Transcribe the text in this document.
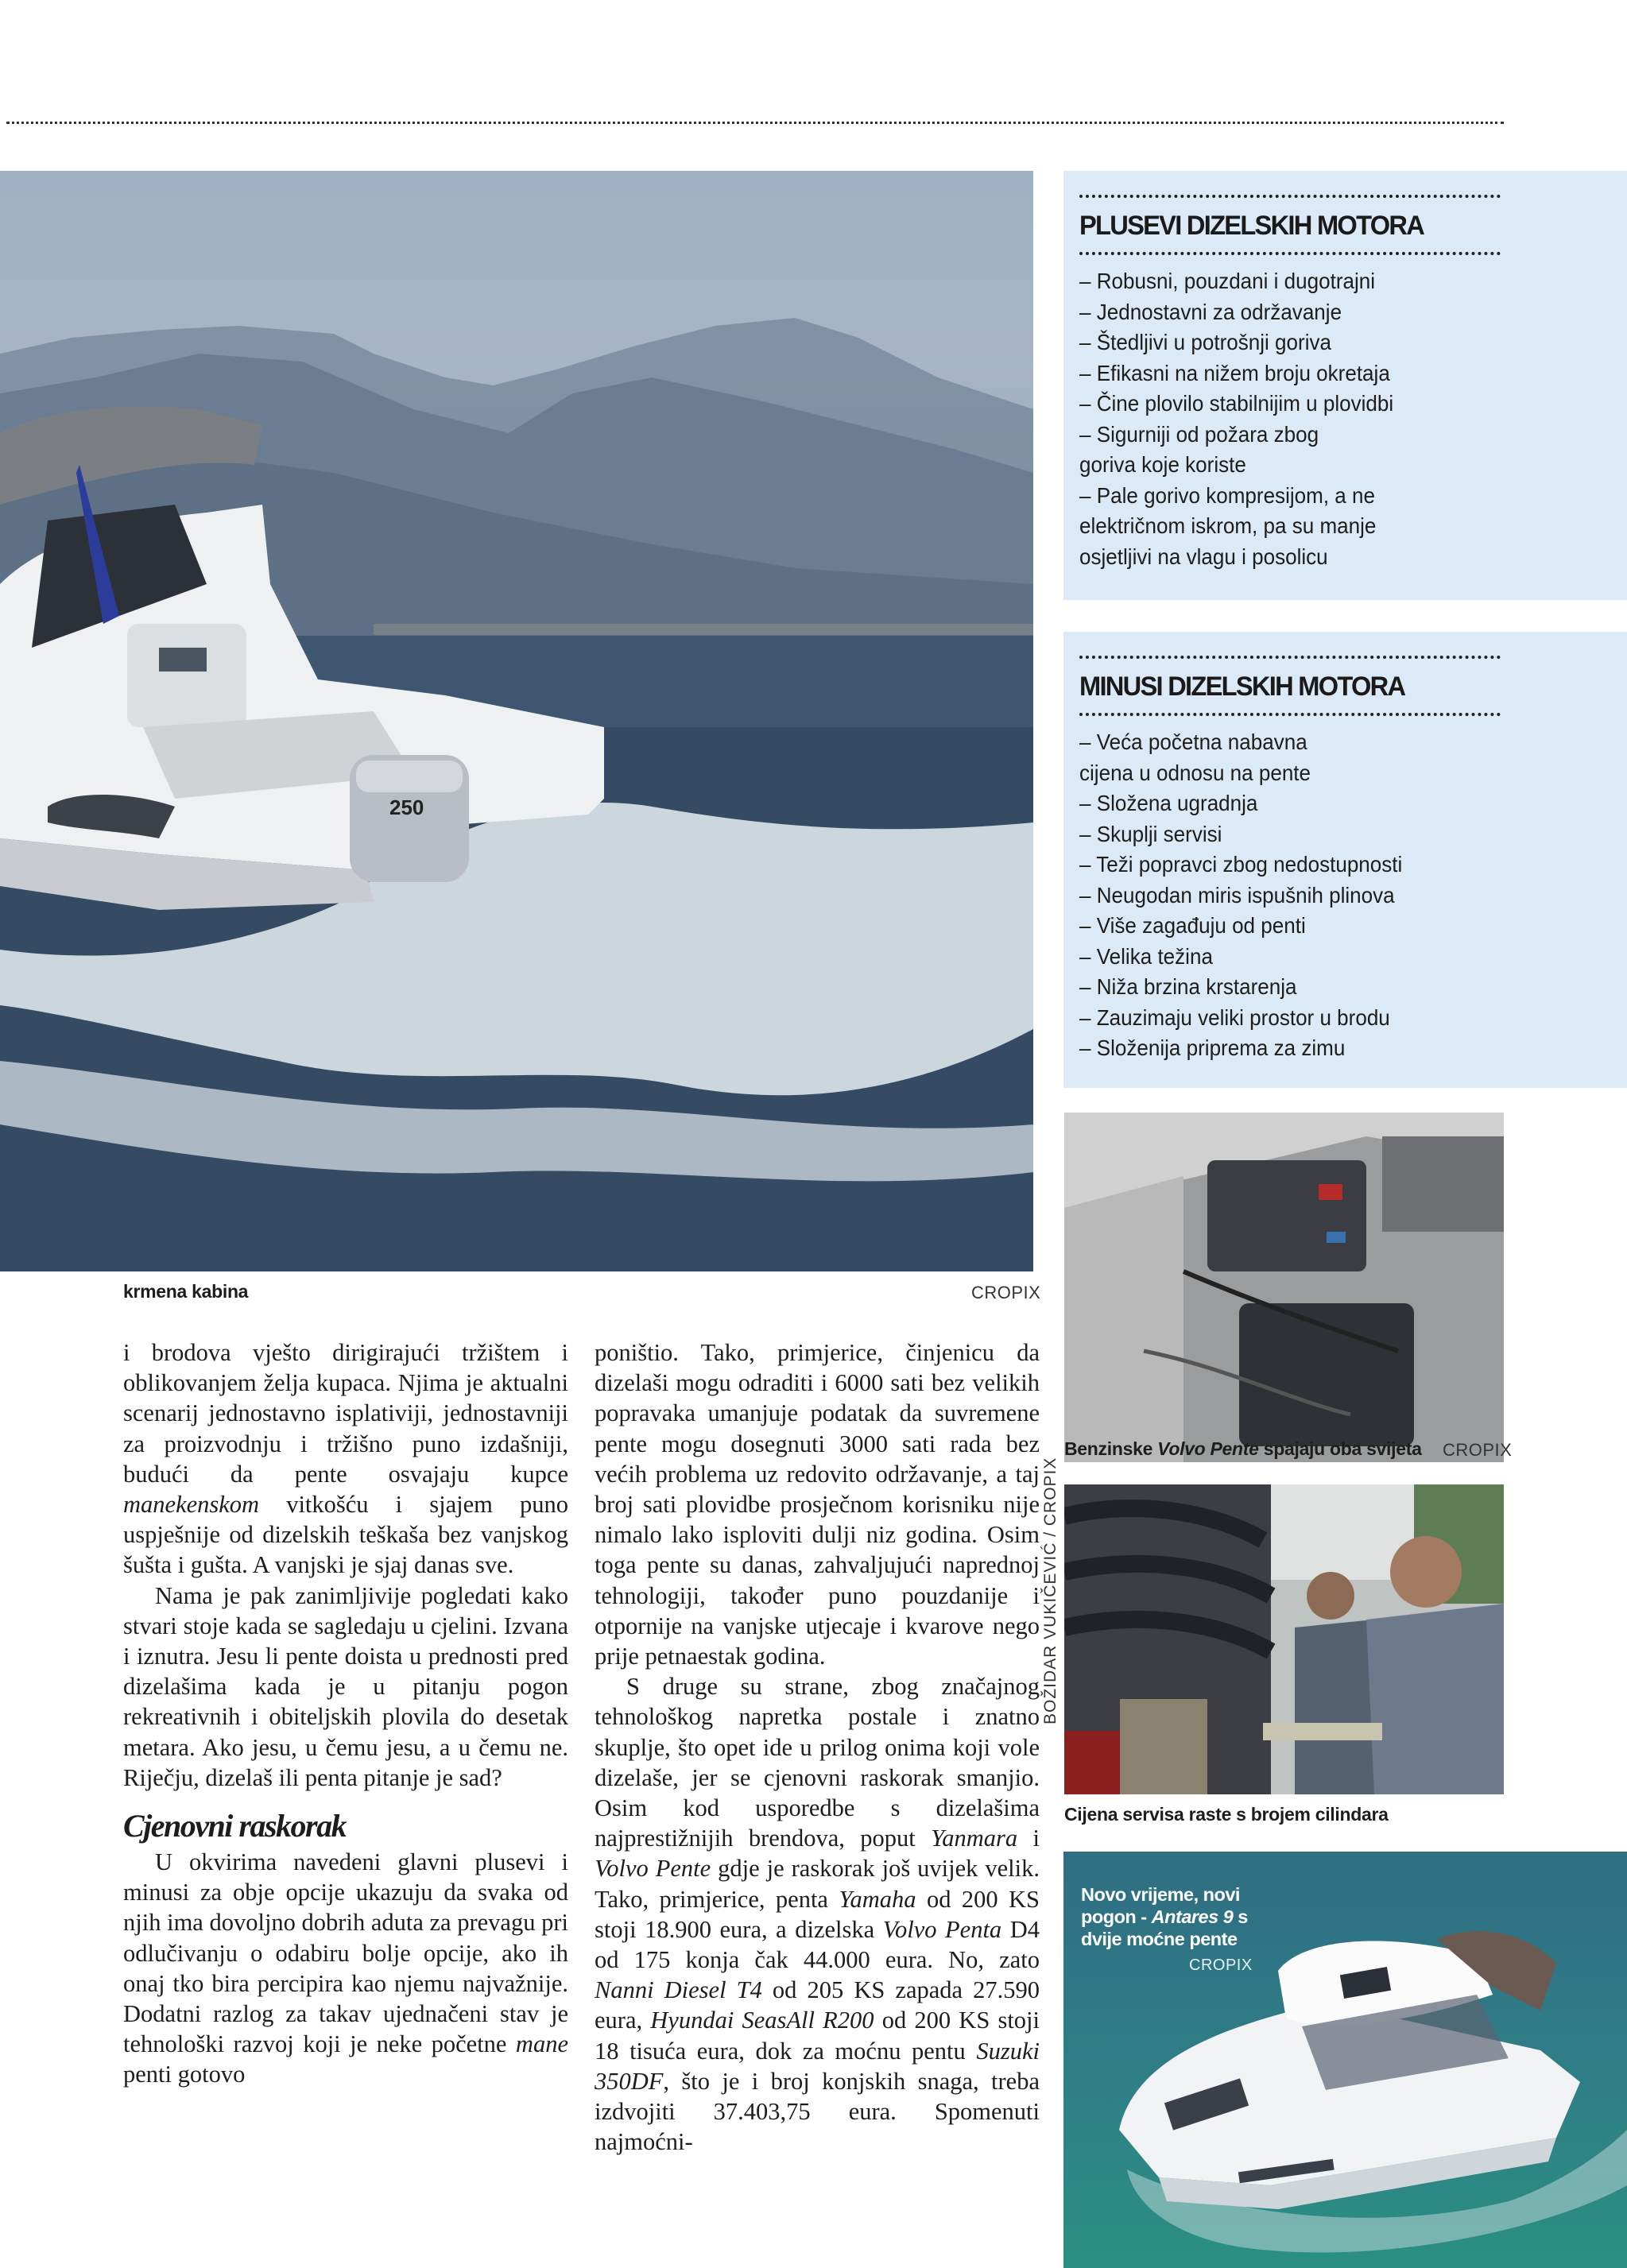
250
krmena kabina	CROPIX

i brodova vješto dirigirajući tržištem i oblikovanjem želja kupaca. Njima je aktualni scenarij jednostavno isplativiji, jednostavniji za proizvodnju i tržišno puno izdašniji, budući da pente osvajaju kupce manekenskom vitkošću i sjajem puno uspješnije od dizelskih teškaša bez vanjskog šušta i gušta. A vanjski je sjaj danas sve.

Nama je pak zanimljivije pogledati kako stvari stoje kada se sagledaju u cjelini. Izvana i iznutra. Jesu li pente doista u prednosti pred dizelašima kada je u pitanju pogon rekreativnih i obiteljskih plovila do desetak metara. Ako jesu, u čemu jesu, a u čemu ne. Riječju, dizelaš ili penta pitanje je sad?

Cjenovni raskorak

U okvirima navedeni glavni plusevi i minusi za obje opcije ukazuju da svaka od njih ima dovoljno dobrih aduta za prevagu pri odlučivanju o odabiru bolje opcije, ako ih onaj tko bira percipira kao njemu najvažnije. Dodatni razlog za takav ujednačeni stav je tehnološki razvoj koji je neke početne mane penti gotovo

poništio. Tako, primjerice, činjenicu da dizelaši mogu odraditi i 6000 sati bez velikih popravaka umanjuje podatak da suvremene pente mogu dosegnuti 3000 sati rada bez većih problema uz redovito održavanje, a taj broj sati plovidbe prosječnom korisniku nije nimalo lako isploviti dulji niz godina. Osim toga pente su danas, zahvaljujući naprednoj tehnologiji, također puno pouzdanije i otpornije na vanjske utjecaje i kvarove nego prije petnaestak godina.

S druge su strane, zbog značajnog tehnološkog napretka postale i znatno skuplje, što opet ide u prilog onima koji vole dizelaše, jer se cjenovni raskorak smanjio. Osim kod usporedbe s dizelašima najprestižnijih brendova, poput Yanmara i Volvo Pente gdje je raskorak još uvijek velik. Tako, primjerice, penta Yamaha od 200 KS stoji 18.900 eura, a dizelska Volvo Penta D4 od 175 konja čak 44.000 eura. No, zato Nanni Diesel T4 od 205 KS zapada 27.590 eura, Hyundai SeasAll R200 od 200 KS stoji 18 tisuća eura, dok za moćnu pentu Suzuki 350DF, što je i broj konjskih snaga, treba izdvojiti 37.403,75 eura. Spomenuti najmoćni-

PLUSEVI DIZELSKIH MOTORA
– Robusni, pouzdani i dugotrajni
– Jednostavni za održavanje
– Štedljivi u potrošnji goriva
– Efikasni na nižem broju okretaja
– Čine plovilo stabilnijim u plovidbi
– Sigurniji od požara zbog
goriva koje koriste
– Pale gorivo kompresijom, a ne
električnom iskrom, pa su manje
osjetljivi na vlagu i posolicu
MINUSI DIZELSKIH MOTORA
– Veća početna nabavna
cijena u odnosu na pente
– Složena ugradnja
– Skuplji servisi
– Teži popravci zbog nedostupnosti
– Neugodan miris ispušnih plinova
– Više zagađuju od penti
– Velika težina
– Niža brzina krstarenja
– Zauzimaju veliki prostor u brodu
– Složenija priprema za zimu
Benzinske Volvo Pente spajaju oba svijeta CROPIX
BOŽIDAR VUKIČEVIĆ / CROPIX
Cijena servisa raste s brojem cilindara
Novo vrijeme, novi pogon - Antares 9 s dvije moćne pente
CROPIX
